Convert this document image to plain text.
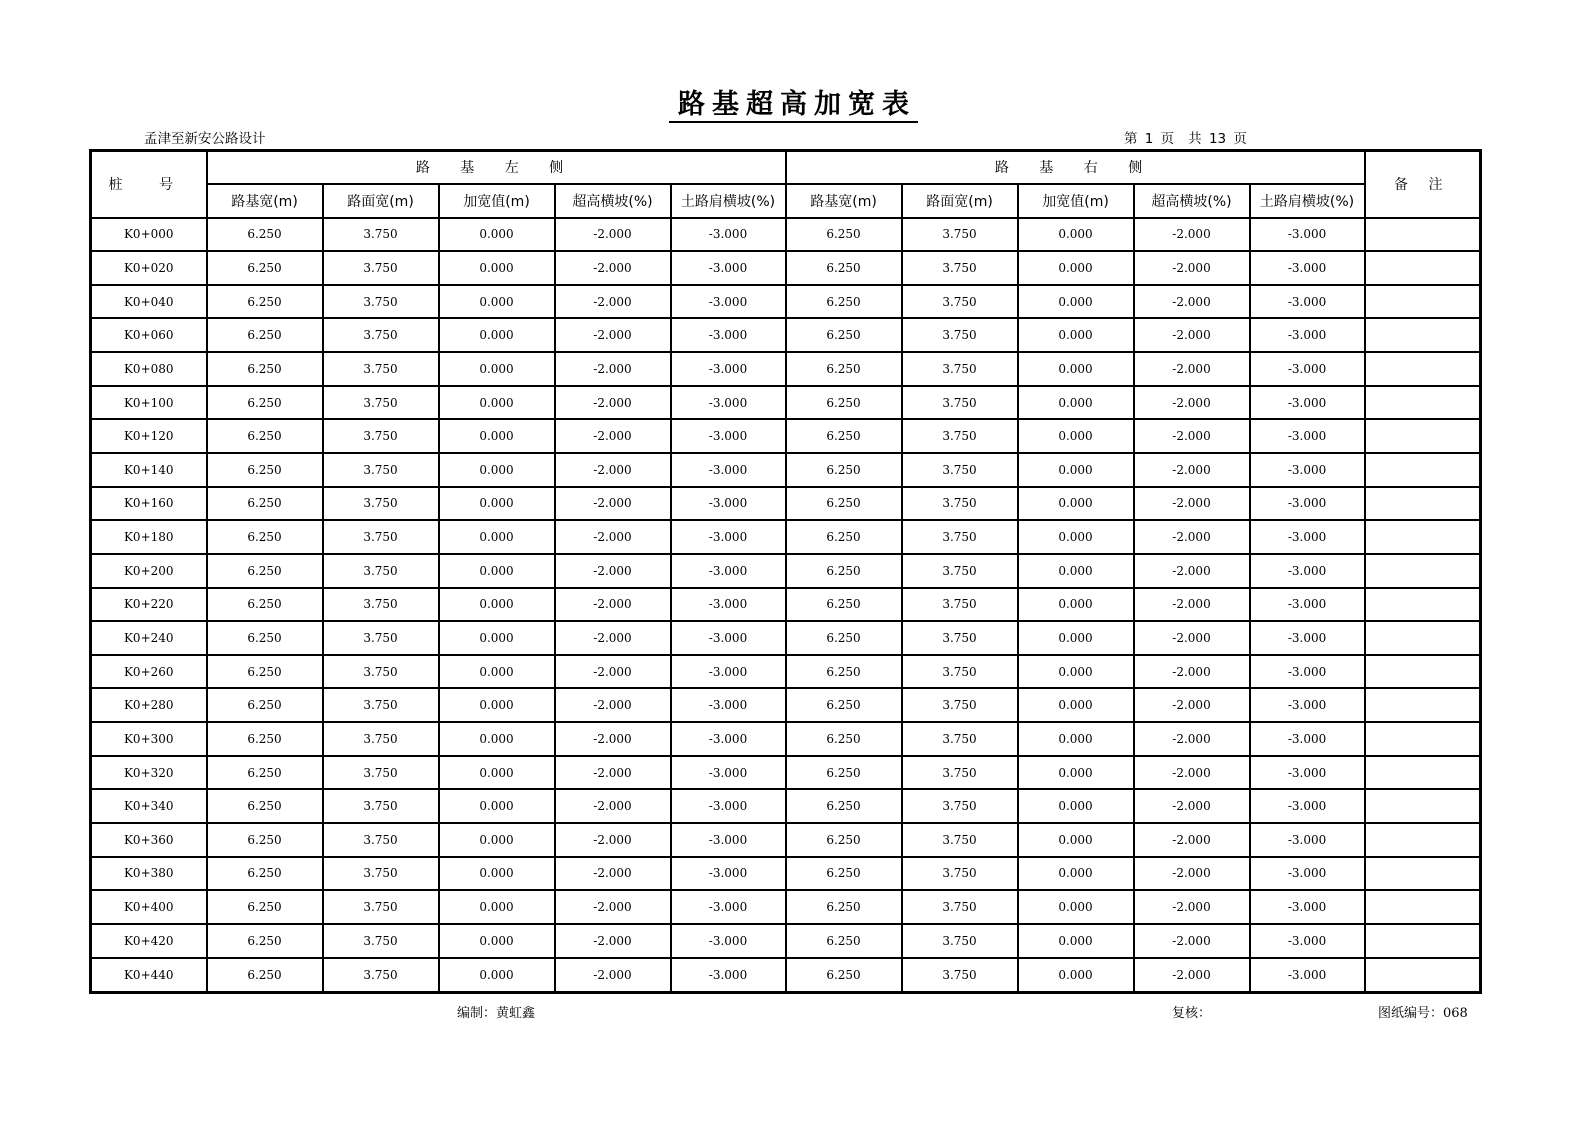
路基超高加宽表
孟津至新安公路设计	第 1 页 共 13 页
桩 号	路 基 左 侧					路 基 右 侧					备 注
	路基宽(m)	路面宽(m)	加宽值(m)	超高横坡(%)	土路肩横坡(%)	路基宽(m)	路面宽(m)	加宽值(m)	超高横坡(%)	土路肩横坡(%)	
K0+000	6.250	3.750	0.000	-2.000	-3.000	6.250	3.750	0.000	-2.000	-3.000	
K0+020	6.250	3.750	0.000	-2.000	-3.000	6.250	3.750	0.000	-2.000	-3.000	
K0+040	6.250	3.750	0.000	-2.000	-3.000	6.250	3.750	0.000	-2.000	-3.000	
K0+060	6.250	3.750	0.000	-2.000	-3.000	6.250	3.750	0.000	-2.000	-3.000	
K0+080	6.250	3.750	0.000	-2.000	-3.000	6.250	3.750	0.000	-2.000	-3.000	
K0+100	6.250	3.750	0.000	-2.000	-3.000	6.250	3.750	0.000	-2.000	-3.000	
K0+120	6.250	3.750	0.000	-2.000	-3.000	6.250	3.750	0.000	-2.000	-3.000	
K0+140	6.250	3.750	0.000	-2.000	-3.000	6.250	3.750	0.000	-2.000	-3.000	
K0+160	6.250	3.750	0.000	-2.000	-3.000	6.250	3.750	0.000	-2.000	-3.000	
K0+180	6.250	3.750	0.000	-2.000	-3.000	6.250	3.750	0.000	-2.000	-3.000	
K0+200	6.250	3.750	0.000	-2.000	-3.000	6.250	3.750	0.000	-2.000	-3.000	
K0+220	6.250	3.750	0.000	-2.000	-3.000	6.250	3.750	0.000	-2.000	-3.000	
K0+240	6.250	3.750	0.000	-2.000	-3.000	6.250	3.750	0.000	-2.000	-3.000	
K0+260	6.250	3.750	0.000	-2.000	-3.000	6.250	3.750	0.000	-2.000	-3.000	
K0+280	6.250	3.750	0.000	-2.000	-3.000	6.250	3.750	0.000	-2.000	-3.000	
K0+300	6.250	3.750	0.000	-2.000	-3.000	6.250	3.750	0.000	-2.000	-3.000	
K0+320	6.250	3.750	0.000	-2.000	-3.000	6.250	3.750	0.000	-2.000	-3.000	
K0+340	6.250	3.750	0.000	-2.000	-3.000	6.250	3.750	0.000	-2.000	-3.000	
K0+360	6.250	3.750	0.000	-2.000	-3.000	6.250	3.750	0.000	-2.000	-3.000	
K0+380	6.250	3.750	0.000	-2.000	-3.000	6.250	3.750	0.000	-2.000	-3.000	
K0+400	6.250	3.750	0.000	-2.000	-3.000	6.250	3.750	0.000	-2.000	-3.000	
K0+420	6.250	3.750	0.000	-2.000	-3.000	6.250	3.750	0.000	-2.000	-3.000	
K0+440	6.250	3.750	0.000	-2.000	-3.000	6.250	3.750	0.000	-2.000	-3.000	
编制：黄虹鑫	复核：	图纸编号：068
